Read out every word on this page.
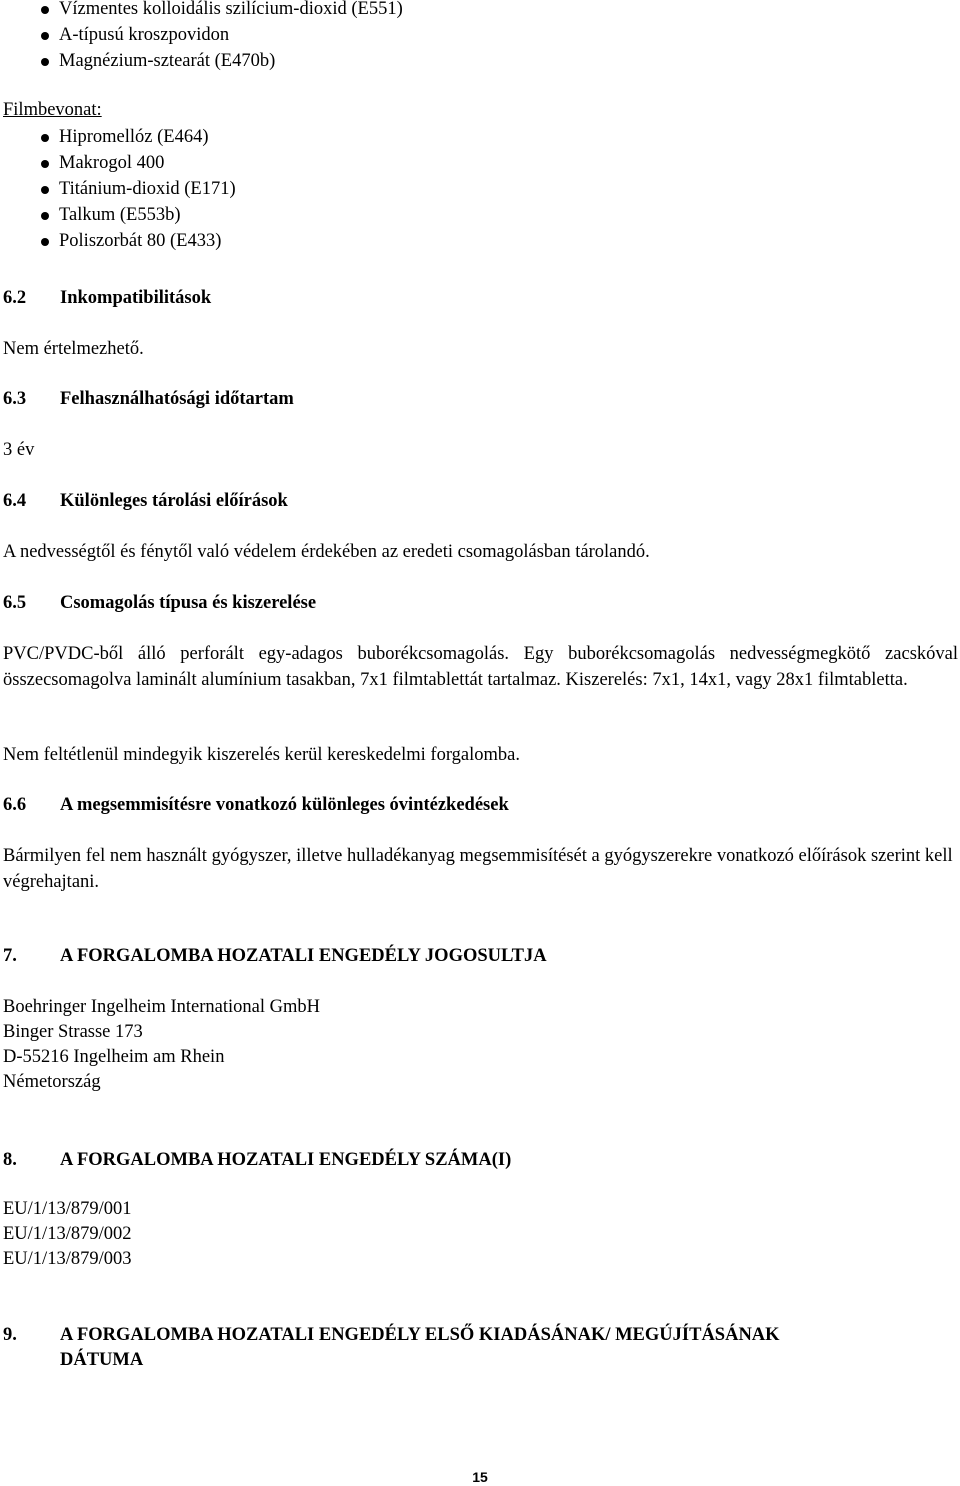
Vízmentes kolloidális szilícium-dioxid (E551)
A-típusú kroszpovidon
Magnézium-sztearát (E470b)
Filmbevonat:
Hipromellóz (E464)
Makrogol 400
Titánium-dioxid (E171)
Talkum (E553b)
Poliszorbát 80 (E433)
6.2 Inkompatibilitások
Nem értelmezhető.
6.3 Felhasználhatósági időtartam
3 év
6.4 Különleges tárolási előírások
A nedvességtől és fénytől való védelem érdekében az eredeti csomagolásban tárolandó.
6.5 Csomagolás típusa és kiszerelése
PVC/PVDC-ből álló perforált egy-adagos buborékcsomagolás. Egy buborékcsomagolás nedvességmegkötő zacskóval összecsomagolva laminált alumínium tasakban, 7x1 filmtablettát tartalmaz. Kiszerelés: 7x1, 14x1, vagy 28x1 filmtabletta.
Nem feltétlenül mindegyik kiszerelés kerül kereskedelmi forgalomba.
6.6 A megsemmisítésre vonatkozó különleges óvintézkedések
Bármilyen fel nem használt gyógyszer, illetve hulladékanyag megsemmisítését a gyógyszerekre vonatkozó előírások szerint kell végrehajtani.
7. A FORGALOMBA HOZATALI ENGEDÉLY JOGOSULTJA
Boehringer Ingelheim International GmbH
Binger Strasse 173
D-55216 Ingelheim am Rhein
Németország
8. A FORGALOMBA HOZATALI ENGEDÉLY SZÁMA(I)
EU/1/13/879/001
EU/1/13/879/002
EU/1/13/879/003
9. A FORGALOMBA HOZATALI ENGEDÉLY ELSŐ KIADÁSÁNAK/ MEGÚJÍTÁSÁNAK
DÁTUMA
15
